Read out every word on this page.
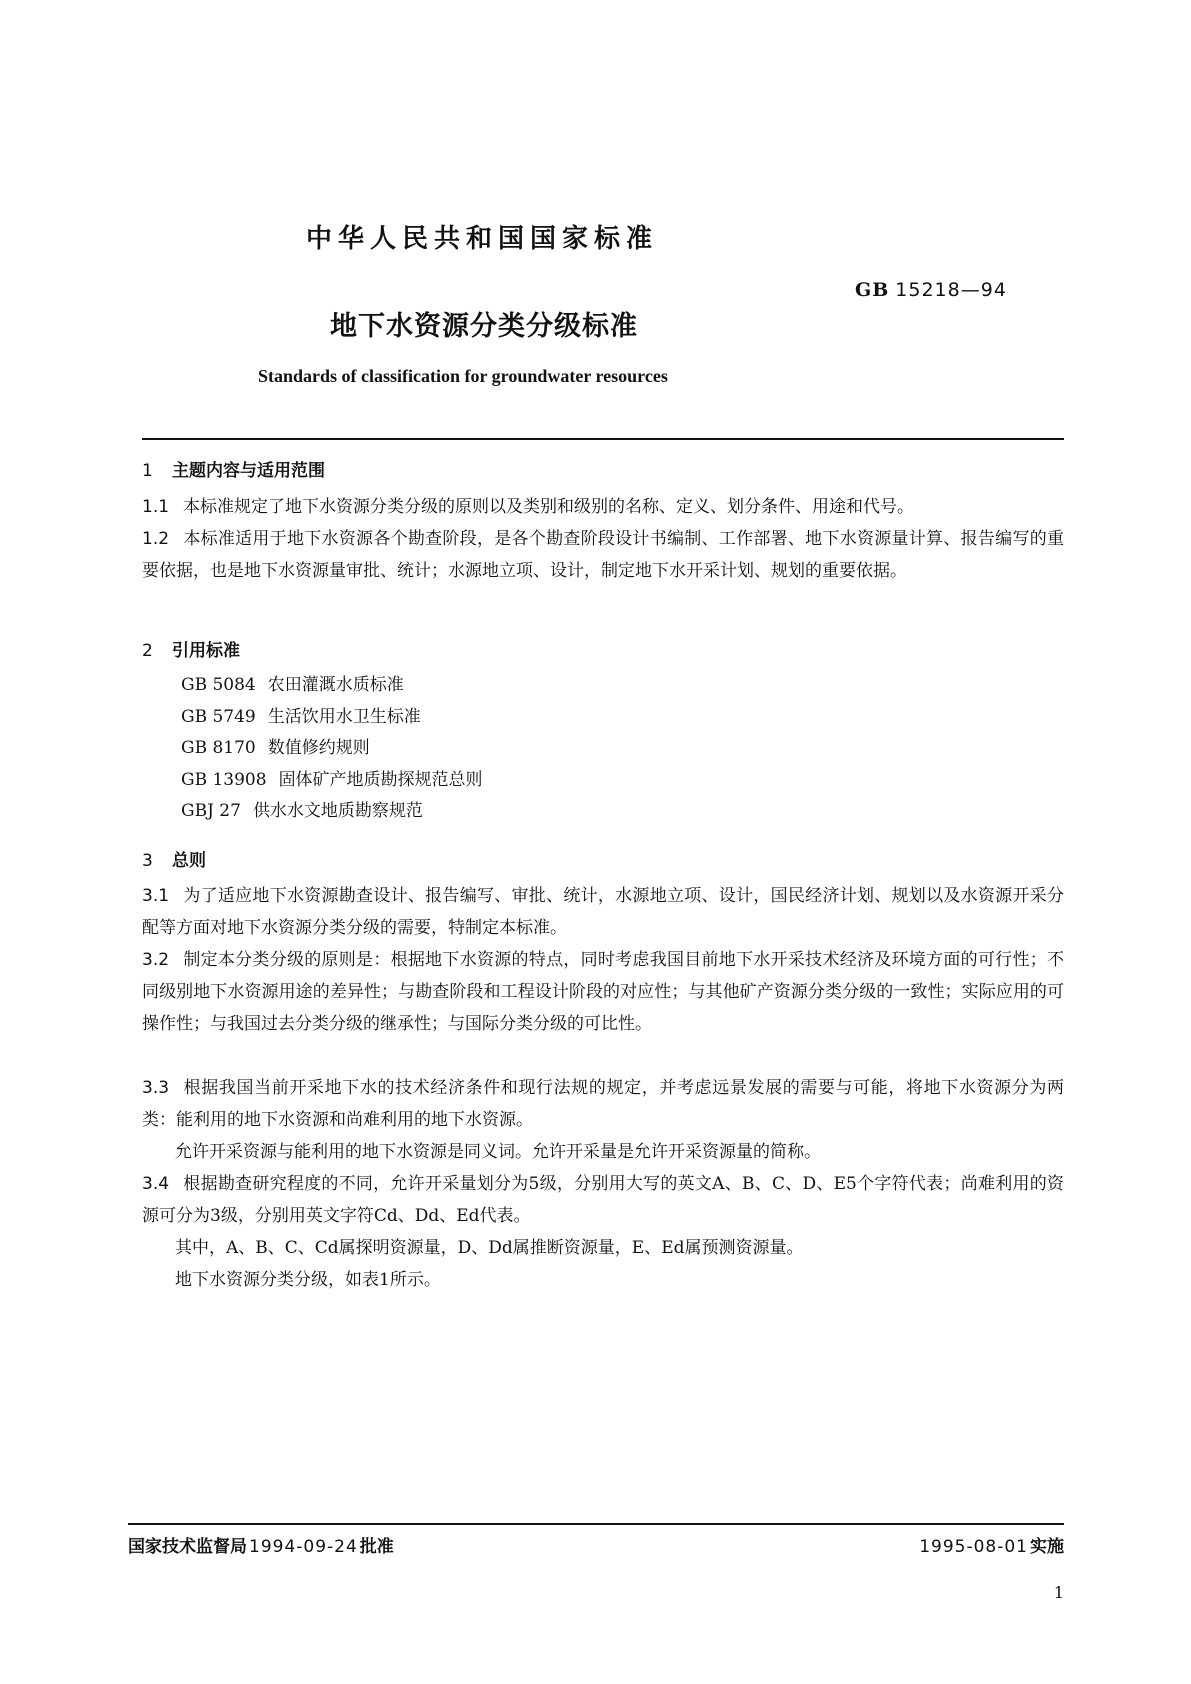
中华人民共和国国家标准
GB 15218—94
地下水资源分类分级标准
Standards of classification for groundwater resources
1 主题内容与适用范围
1.1 本标准规定了地下水资源分类分级的原则以及类别和级别的名称、定义、划分条件、用途和代号。
1.2 本标准适用于地下水资源各个勘查阶段，是各个勘查阶段设计书编制、工作部署、地下水资源量计算、报告编写的重要依据，也是地下水资源量审批、统计；水源地立项、设计，制定地下水开采计划、规划的重要依据。
2 引用标准
GB 5084 农田灌溉水质标准
GB 5749 生活饮用水卫生标准
GB 8170 数值修约规则
GB 13908 固体矿产地质勘探规范总则
GBJ 27 供水水文地质勘察规范
3 总则
3.1 为了适应地下水资源勘查设计、报告编写、审批、统计，水源地立项、设计，国民经济计划、规划以及水资源开采分配等方面对地下水资源分类分级的需要，特制定本标准。
3.2 制定本分类分级的原则是：根据地下水资源的特点，同时考虑我国目前地下水开采技术经济及环境方面的可行性；不同级别地下水资源用途的差异性；与勘查阶段和工程设计阶段的对应性；与其他矿产资源分类分级的一致性；实际应用的可操作性；与我国过去分类分级的继承性；与国际分类分级的可比性。
3.3 根据我国当前开采地下水的技术经济条件和现行法规的规定，并考虑远景发展的需要与可能，将地下水资源分为两类：能利用的地下水资源和尚难利用的地下水资源。
允许开采资源与能利用的地下水资源是同义词。允许开采量是允许开采资源量的简称。
3.4 根据勘查研究程度的不同，允许开采量划分为5级，分别用大写的英文A、B、C、D、E5个字符代表；尚难利用的资源可分为3级，分别用英文字符Cd、Dd、Ed代表。
其中，A、B、C、Cd属探明资源量，D、Dd属推断资源量，E、Ed属预测资源量。
地下水资源分类分级，如表1所示。
国家技术监督局 1994-09-24 批准	1995-08-01 实施
1
